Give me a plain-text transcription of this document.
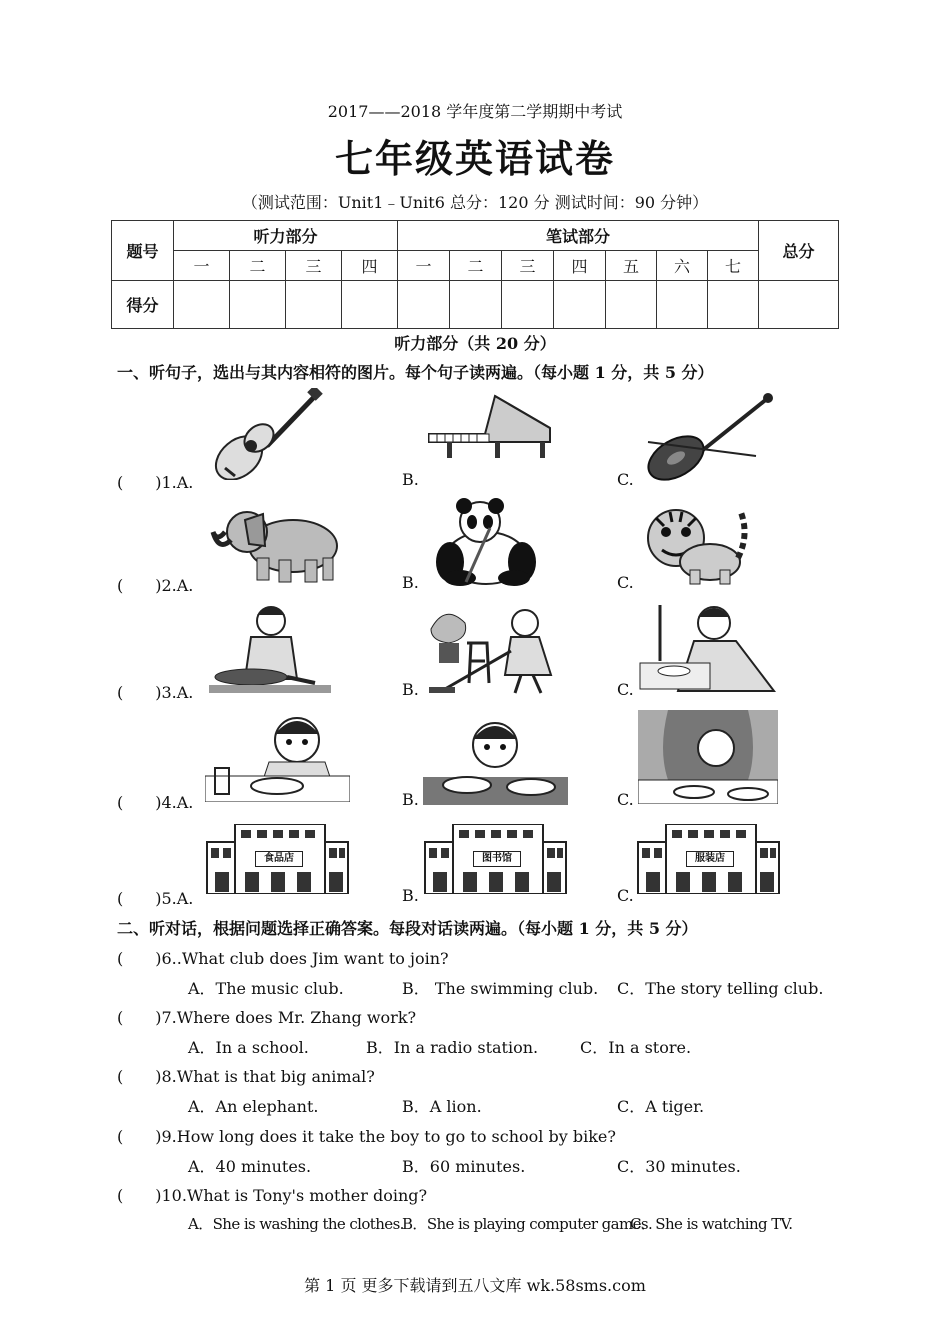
2017——2018 学年度第二学期期中考试
七年级英语试卷
（测试范围：Unit1﹣Unit6 总分：120 分 测试时间：90 分钟）
题号	听力部分				笔试部分							总分
	一	二	三	四	一	二	三	四	五	六	七	
得分												
听力部分（共 20 分）
一、听句子，选出与其内容相符的图片。每个句子读两遍。（每小题 1 分，共 5 分）
(　　)1.A.	B.	C.
(　　)2.A.	B.	C.
(　　)3.A.	B.	C.
(　　)4.A.	B.	C.
(　　)5.A.	B.	C.
食品店	图书馆	服装店
二、听对话，根据问题选择正确答案。每段对话读两遍。（每小题 1 分，共 5 分）
(　　)6..What club does Jim want to join?
A．The music club.	B． The swimming club. C．The story telling club.
(　　)7.Where does Mr. Zhang work?
A．In a school.	B．In a radio station.	C．In a store.
(　　)8.What is that big animal?
A．An elephant.	B．A lion.	C．A tiger.
(　　)9.How long does it take the boy to go to school by bike?
A．40 minutes.	B．60 minutes.	C．30 minutes.
(　　)10.What is Tony's mother doing?
A．She is washing the clothes.
B．She is playing computer games.
C．She is watching TV.
第 1 页 更多下载请到五八文库 wk.58sms.com
